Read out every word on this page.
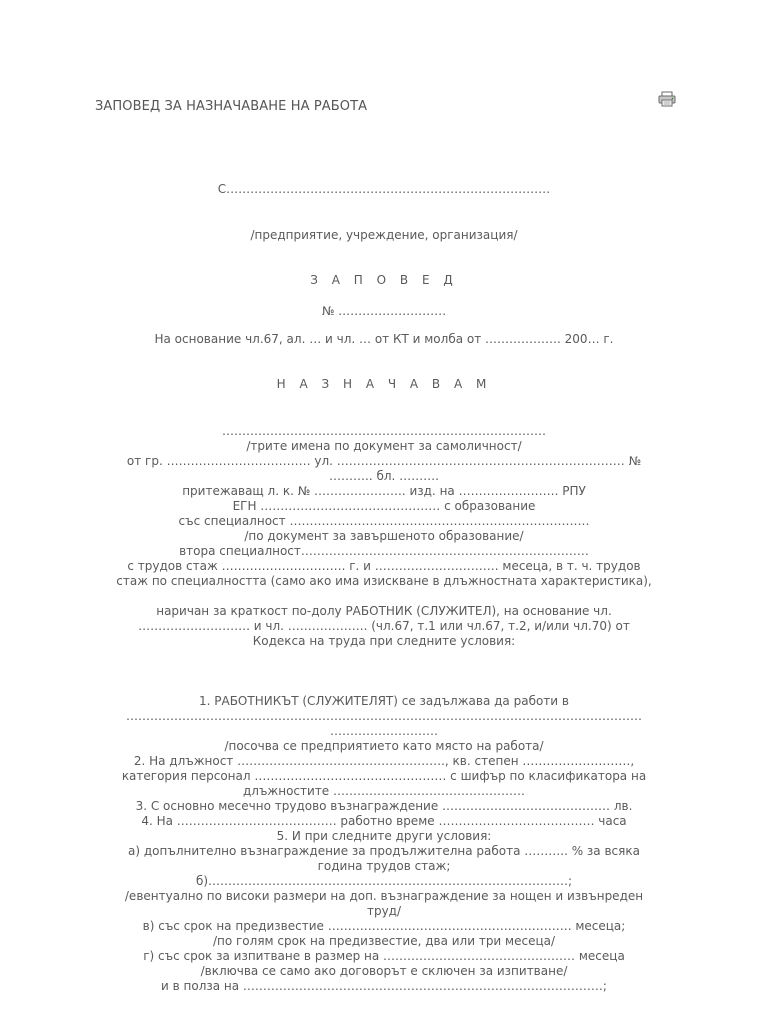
ЗАПОВЕД ЗА НАЗНАЧАВАНЕ НА РАБОТА
С………………………………………………………………………
/предприятие, учреждение, организация/
З А П О В Е Д
№ ………………………
На основание чл.67, ал. … и чл. … от КТ и молба от ………………. 200… г.
Н А З Н А Ч А В А М
………………………………………………………………………
/трите имена по документ за самоличност/
от гр. ……………………………… ул. ……………………………………………………………… №
……….. бл. ……….
притежаващ л. к. № ………………….. изд. на ……………………. РПУ
ЕГН ……………………………………… с образование
със специалност …………………………………………………………………
/по документ за завършеното образование/
втора специалност………………………………………………………………
с трудов стаж …………………………. г. и …………………………. месеца, в т. ч. трудов
стаж по специалността (само ако има изискване в длъжностната характеристика),
наричан за краткост по-долу РАБОТНИК (СЛУЖИТЕЛ), на основание чл.
………………………. и чл. ……………….. (чл.67, т.1 или чл.67, т.2, и/или чл.70) от
Кодекса на труда при следните условия:
1. РАБОТНИКЪТ (СЛУЖИТЕЛЯТ) се задължава да работи в
…………………………………………………………………………………………………………………
………………………
/посочва се предприятието като място на работа/
2. На длъжност ……………………………………………., кв. степен ………………………,
категория персонал ………………………………………… с шифър по класификатора на
длъжностите …………………………………………
3. С основно месечно трудово възнаграждение …………………………………… лв.
4. На …………………………………. работно време ………………………………… часа
5. И при следните други условия:
а) допълнително възнаграждение за продължителна работа ……….. % за всяка
година трудов стаж;
б)………………………………………………………………………………;
/евентуално по високи размери на доп. възнаграждение за нощен и извънреден
труд/
в) със срок на предизвестие ……………………………………………………. месеца;
/по голям срок на предизвестие, два или три месеца/
г) със срок за изпитване в размер на ………………………………………… месеца
/включва се само ако договорът е сключен за изпитване/
и в полза на ………………………………………………………………………………;
